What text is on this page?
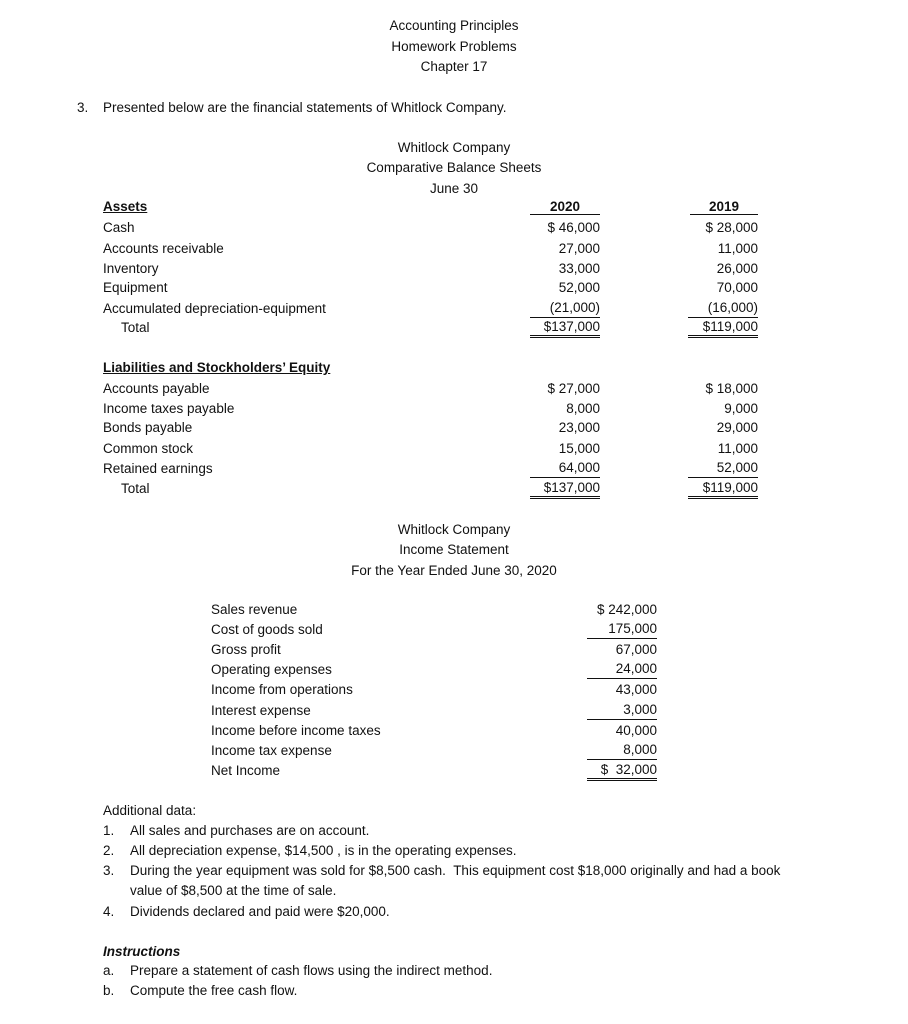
Accounting Principles
Homework Problems
Chapter 17
3. Presented below are the financial statements of Whitlock Company.
Whitlock Company
Comparative Balance Sheets
June 30
Assets	2020	2019
Cash	$ 46,000	$ 28,000
Accounts receivable	27,000	11,000
Inventory	33,000	26,000
Equipment	52,000	70,000
Accumulated depreciation-equipment	(21,000)	(16,000)
Total	$137,000	$119,000
Liabilities and Stockholders’ Equity
Accounts payable	$ 27,000	$ 18,000
Income taxes payable	8,000	9,000
Bonds payable	23,000	29,000
Common stock	15,000	11,000
Retained earnings	64,000	52,000
Total	$137,000	$119,000
Whitlock Company
Income Statement
For the Year Ended June 30, 2020
Sales revenue	$ 242,000
Cost of goods sold	175,000
Gross profit	67,000
Operating expenses	24,000
Income from operations	43,000
Interest expense	3,000
Income before income taxes	40,000
Income tax expense	8,000
Net Income	$  32,000
Additional data:
1. All sales and purchases are on account.
2. All depreciation expense, $14,500 , is in the operating expenses.
3. During the year equipment was sold for $8,500 cash.  This equipment cost $18,000 originally and had a book
value of $8,500 at the time of sale.
4. Dividends declared and paid were $20,000.
Instructions
a. Prepare a statement of cash flows using the indirect method.
b. Compute the free cash flow.
